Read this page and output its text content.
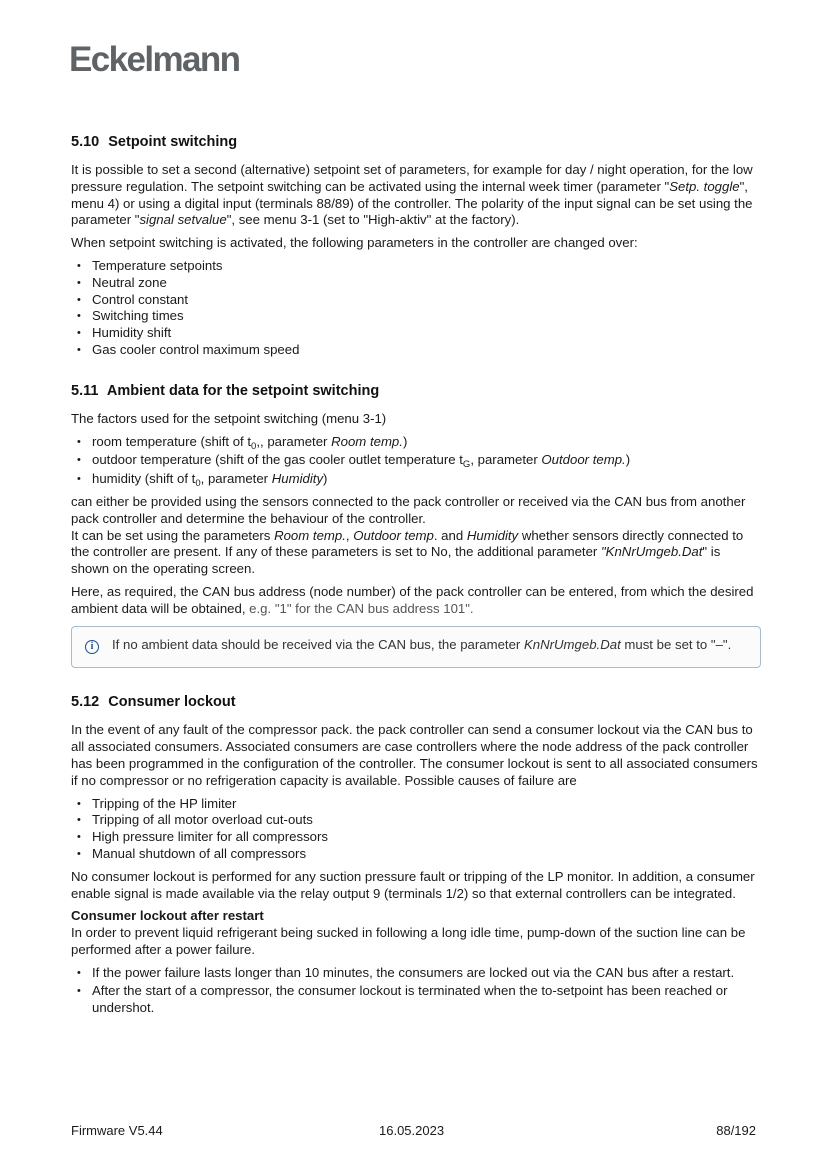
Eckelmann
5.10 Setpoint switching

It is possible to set a second (alternative) setpoint set of parameters, for example for day / night operation, for the low pressure regulation. The setpoint switching can be activated using the internal week timer (parameter "Setp. toggle", menu 4) or using a digital input (terminals 88/89) of the controller. The polarity of the input signal can be set using the parameter "signal setvalue", see menu 3-1 (set to "High-aktiv" at the factory).

When setpoint switching is activated, the following parameters in the controller are changed over:

• Temperature setpoints
• Neutral zone
• Control constant
• Switching times
• Humidity shift
• Gas cooler control maximum speed
5.11 Ambient data for the setpoint switching

The factors used for the setpoint switching (menu 3-1)

• room temperature (shift of $t_0$,, parameter Room temp.)
• outdoor temperature (shift of the gas cooler outlet temperature $t_G$, parameter Outdoor temp.)
• humidity (shift of $t_0$, parameter Humidity)

can either be provided using the sensors connected to the pack controller or received via the CAN bus from another pack controller and determine the behaviour of the controller.
It can be set using the parameters Room temp., Outdoor temp. and Humidity whether sensors directly connected to the controller are present. If any of these parameters is set to No, the additional parameter "KnNrUmgeb.Dat" is shown on the operating screen.

Here, as required, the CAN bus address (node number) of the pack controller can be entered, from which the desired ambient data will be obtained, e.g. "1" for the CAN bus address 101".

i	If no ambient data should be received via the CAN bus, the parameter KnNrUmgeb.Dat must be set to "–".
5.12 Consumer lockout

In the event of any fault of the compressor pack. the pack controller can send a consumer lockout via the CAN bus to all associated consumers. Associated consumers are case controllers where the node address of the pack controller has been programmed in the configuration of the controller. The consumer lockout is sent to all associated consumers if no compressor or no refrigeration capacity is available. Possible causes of failure are

• Tripping of the HP limiter
• Tripping of all motor overload cut-outs
• High pressure limiter for all compressors
• Manual shutdown of all compressors

No consumer lockout is performed for any suction pressure fault or tripping of the LP monitor. In addition, a consumer enable signal is made available via the relay output 9 (terminals 1/2) so that external controllers can be integrated.

Consumer lockout after restart

In order to prevent liquid refrigerant being sucked in following a long idle time, pump-down of the suction line can be performed after a power failure.

• If the power failure lasts longer than 10 minutes, the consumers are locked out via the CAN bus after a restart.
• After the start of a compressor, the consumer lockout is terminated when the to-setpoint has been reached or undershot.
Firmware V5.44	16.05.2023	88/192
